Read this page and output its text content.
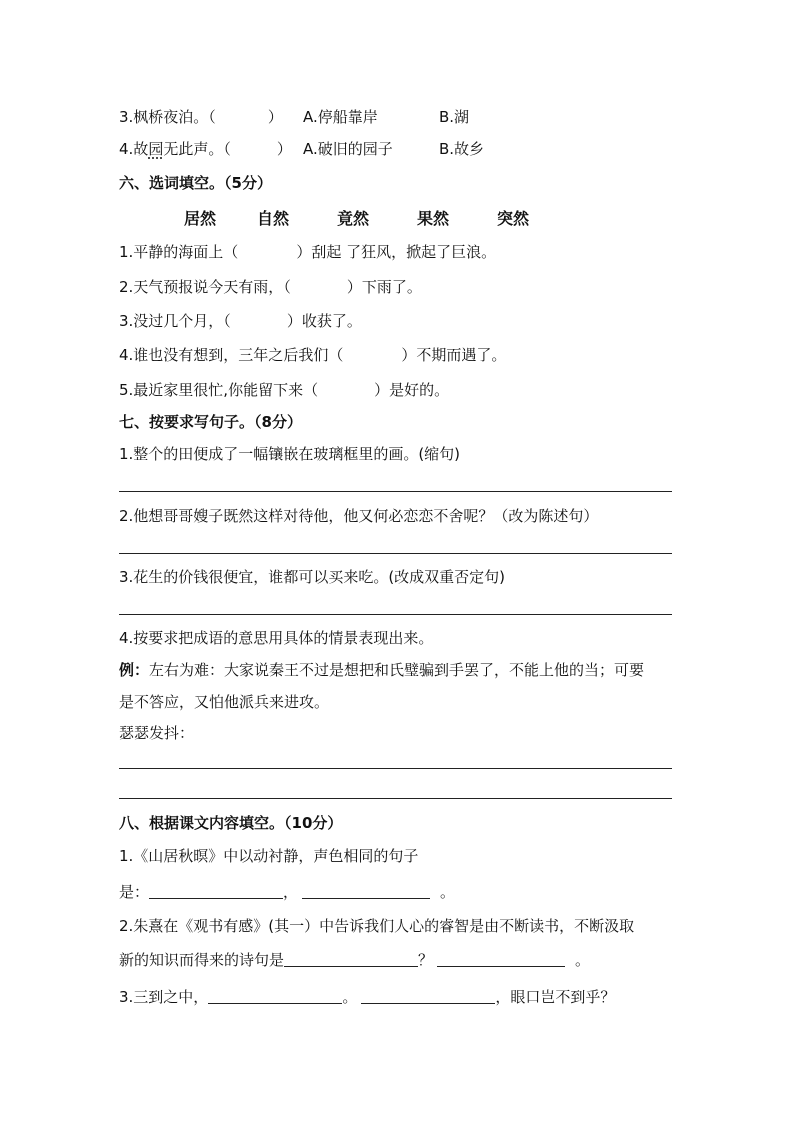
3.枫桥夜泊。（	） A.停船靠岸	B.湖
4.故园无此声。（	） A.破旧的园子	B.故乡
六、选词填空。（5分）
居然	自然	竟然	果然	突然
1.平静的海面上（	）刮起 了狂风，掀起了巨浪。
2.天气预报说今天有雨，（	）下雨了。
3.没过几个月，（	）收获了。
4.谁也没有想到，三年之后我们（	）不期而遇了。
5.最近家里很忙,你能留下来（	）是好的。
七、按要求写句子。（8分）
1.整个的田便成了一幅镶嵌在玻璃框里的画。(缩句)
2.他想哥哥嫂子既然这样对待他，他又何必恋恋不舍呢？（改为陈述句）
3.花生的价钱很便宜，谁都可以买来吃。(改成双重否定句)
4.按要求把成语的意思用具体的情景表现出来。
例：左右为难：大家说秦王不过是想把和氏璧骗到手罢了，不能上他的当；可要
是不答应，又怕他派兵来进攻。
瑟瑟发抖：
八、根据课文内容填空。（10分）
1.《山居秋暝》中以动衬静，声色相同的句子
是：	，	。
2.朱熹在《观书有感》(其一）中告诉我们人心的睿智是由不断读书，不断汲取
新的知识而得来的诗句是	？	。
3.三到之中，	。	，眼口岂不到乎？
